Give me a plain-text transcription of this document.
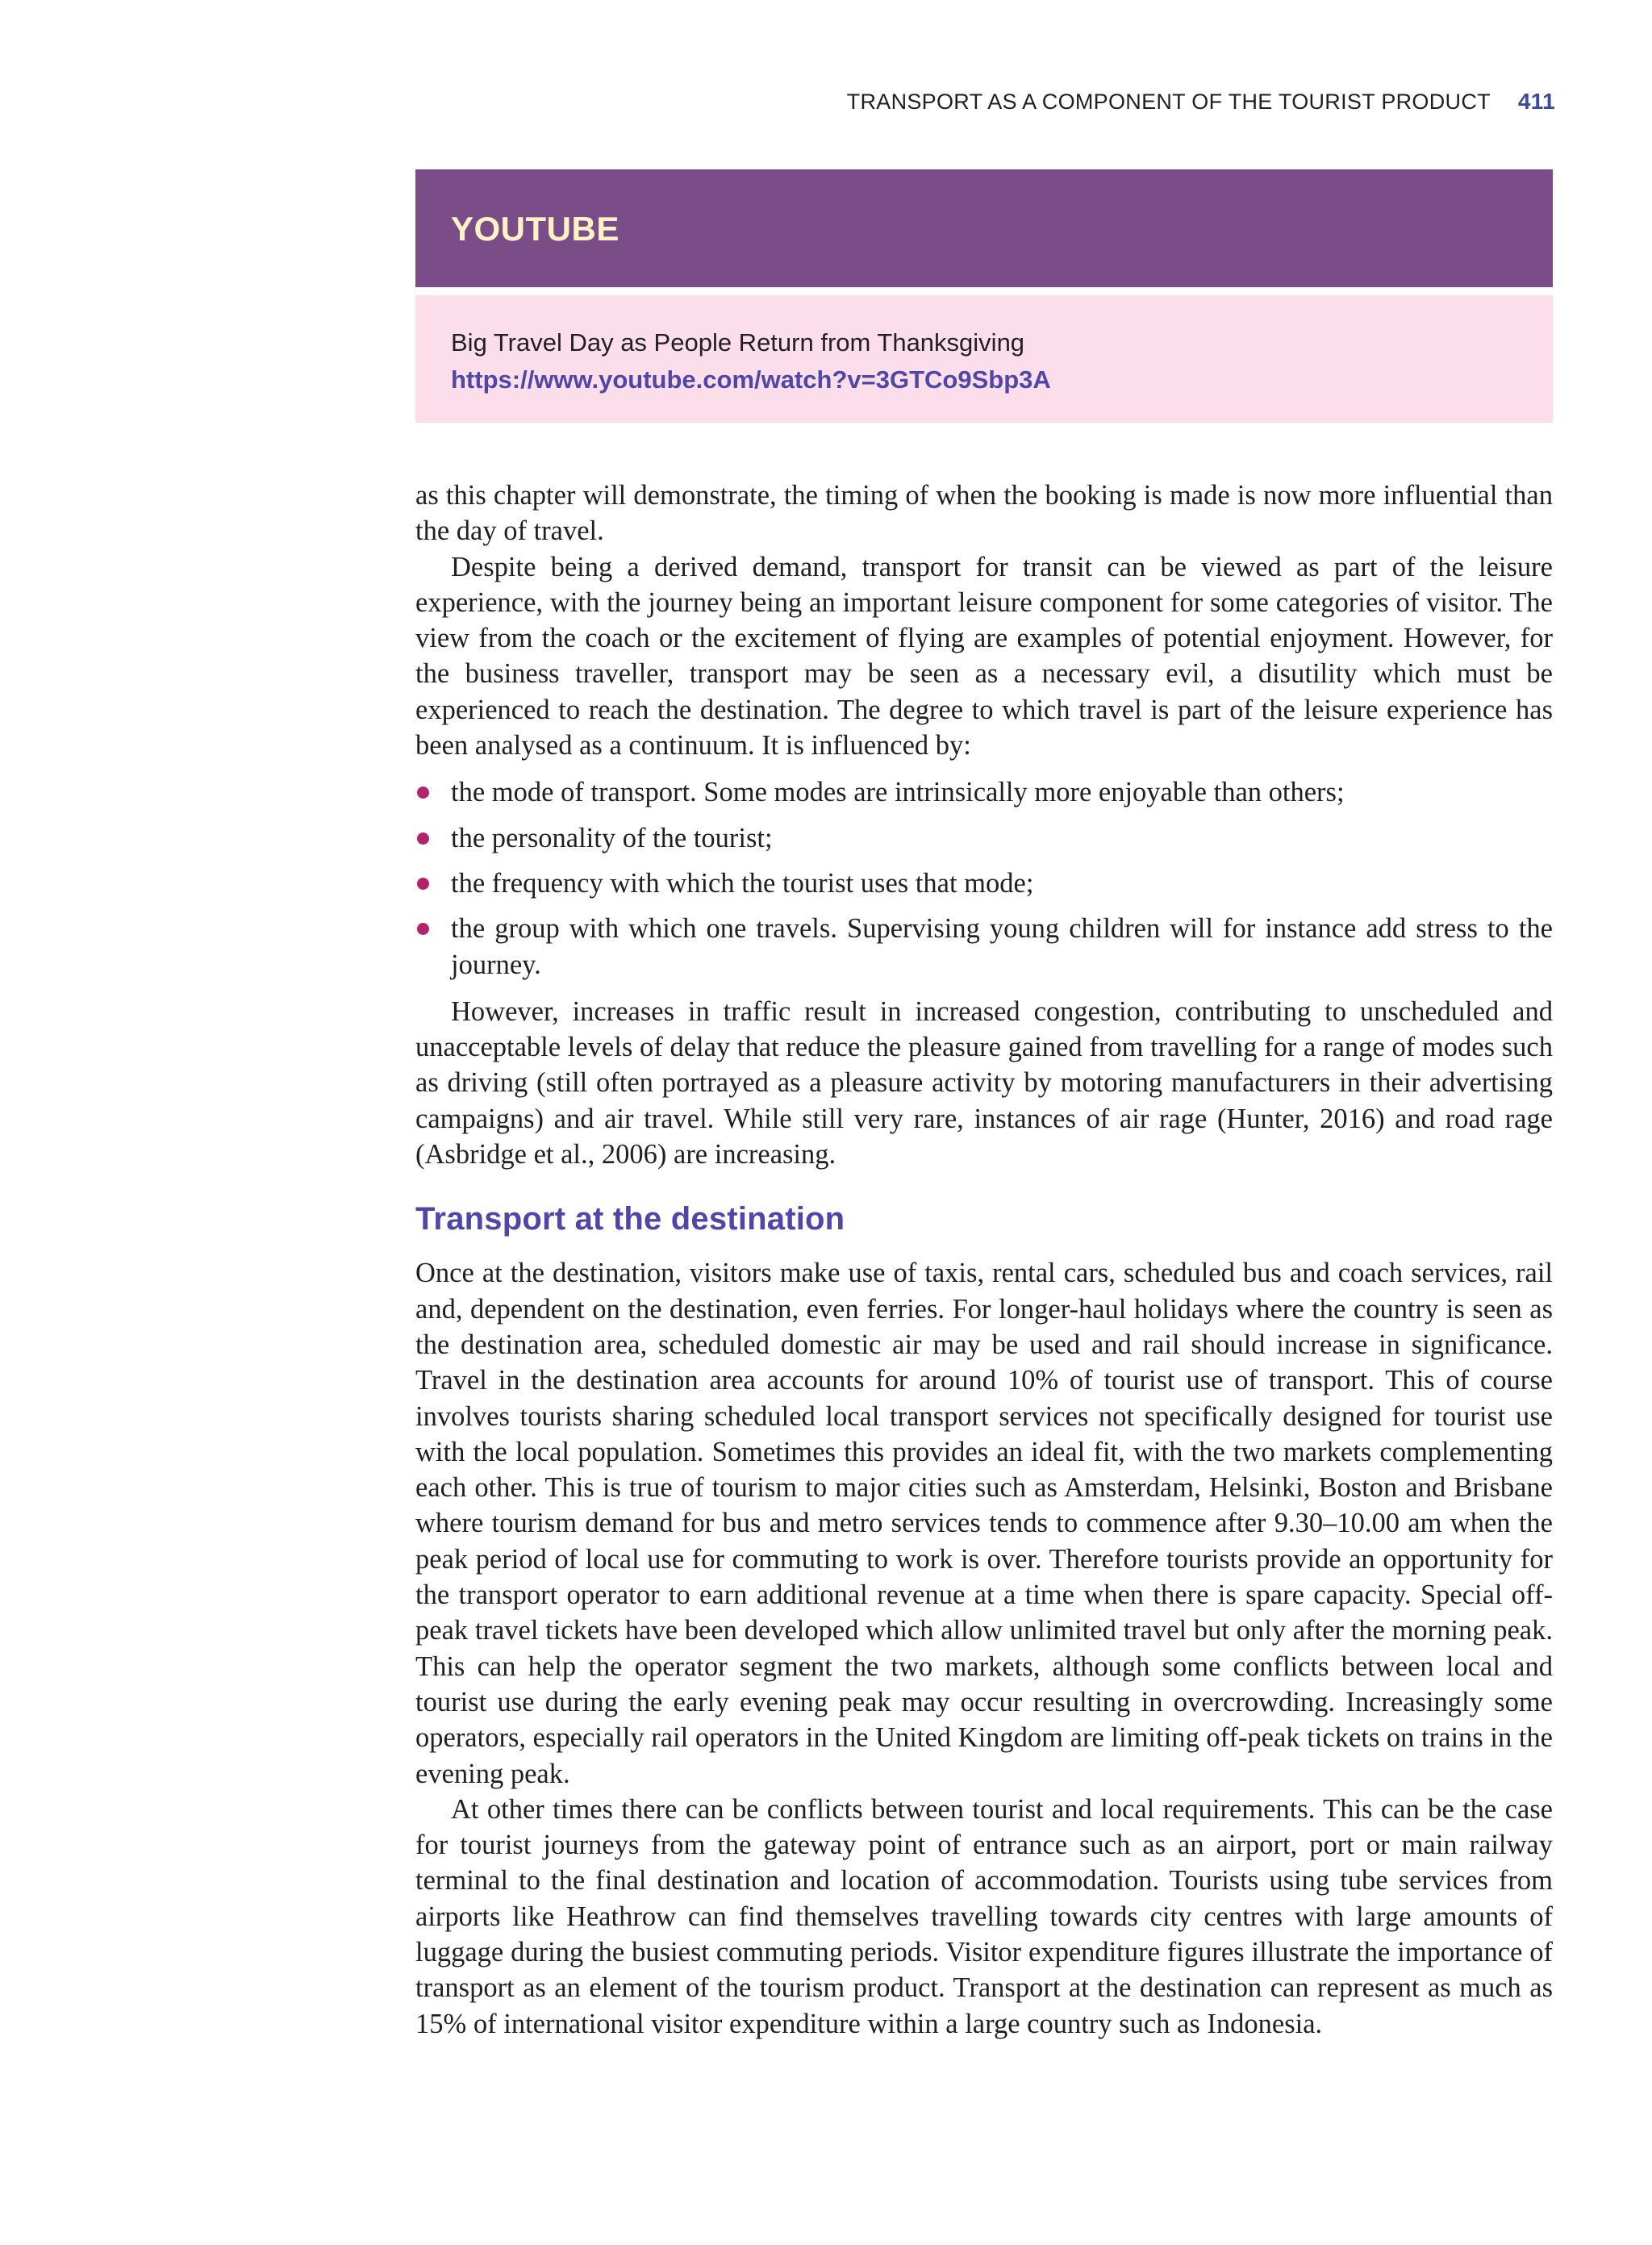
TRANSPORT AS A COMPONENT OF THE TOURIST PRODUCT 411
YOUTUBE
Big Travel Day as People Return from Thanksgiving
https://www.youtube.com/watch?v=3GTCo9Sbp3A

as this chapter will demonstrate, the timing of when the booking is made is now more influential than the day of travel.

Despite being a derived demand, transport for transit can be viewed as part of the leisure experience, with the journey being an important leisure component for some categories of visitor. The view from the coach or the excitement of flying are examples of potential enjoyment. However, for the business traveller, transport may be seen as a necessary evil, a disutility which must be experienced to reach the destination. The degree to which travel is part of the leisure experience has been analysed as a continuum. It is influenced by:

the mode of transport. Some modes are intrinsically more enjoyable than others;
the personality of the tourist;
the frequency with which the tourist uses that mode;
the group with which one travels. Supervising young children will for instance add stress to the journey.

However, increases in traffic result in increased congestion, contributing to unscheduled and unacceptable levels of delay that reduce the pleasure gained from travelling for a range of modes such as driving (still often portrayed as a pleasure activity by motoring manufacturers in their advertising campaigns) and air travel. While still very rare, instances of air rage (Hunter, 2016) and road rage (Asbridge et al., 2006) are increasing.

Transport at the destination

Once at the destination, visitors make use of taxis, rental cars, scheduled bus and coach services, rail and, dependent on the destination, even ferries. For longer-haul holidays where the country is seen as the destination area, scheduled domestic air may be used and rail should increase in significance. Travel in the destination area accounts for around 10% of tourist use of transport. This of course involves tourists sharing scheduled local transport services not specifically designed for tourist use with the local population. Sometimes this provides an ideal fit, with the two markets complementing each other. This is true of tourism to major cities such as Amsterdam, Helsinki, Boston and Brisbane where tourism demand for bus and metro services tends to commence after 9.30–10.00 am when the peak period of local use for commuting to work is over. Therefore tourists provide an opportunity for the transport operator to earn additional revenue at a time when there is spare capacity. Special off-peak travel tickets have been developed which allow unlimited travel but only after the morning peak. This can help the operator segment the two markets, although some conflicts between local and tourist use during the early evening peak may occur resulting in overcrowding. Increasingly some operators, especially rail operators in the United Kingdom are limiting off-peak tickets on trains in the evening peak.

At other times there can be conflicts between tourist and local requirements. This can be the case for tourist journeys from the gateway point of entrance such as an airport, port or main railway terminal to the final destination and location of accommodation. Tourists using tube services from airports like Heathrow can find themselves travelling towards city centres with large amounts of luggage during the busiest commuting periods. Visitor expenditure figures illustrate the importance of transport as an element of the tourism product. Transport at the destination can represent as much as 15% of international visitor expenditure within a large country such as Indonesia.
